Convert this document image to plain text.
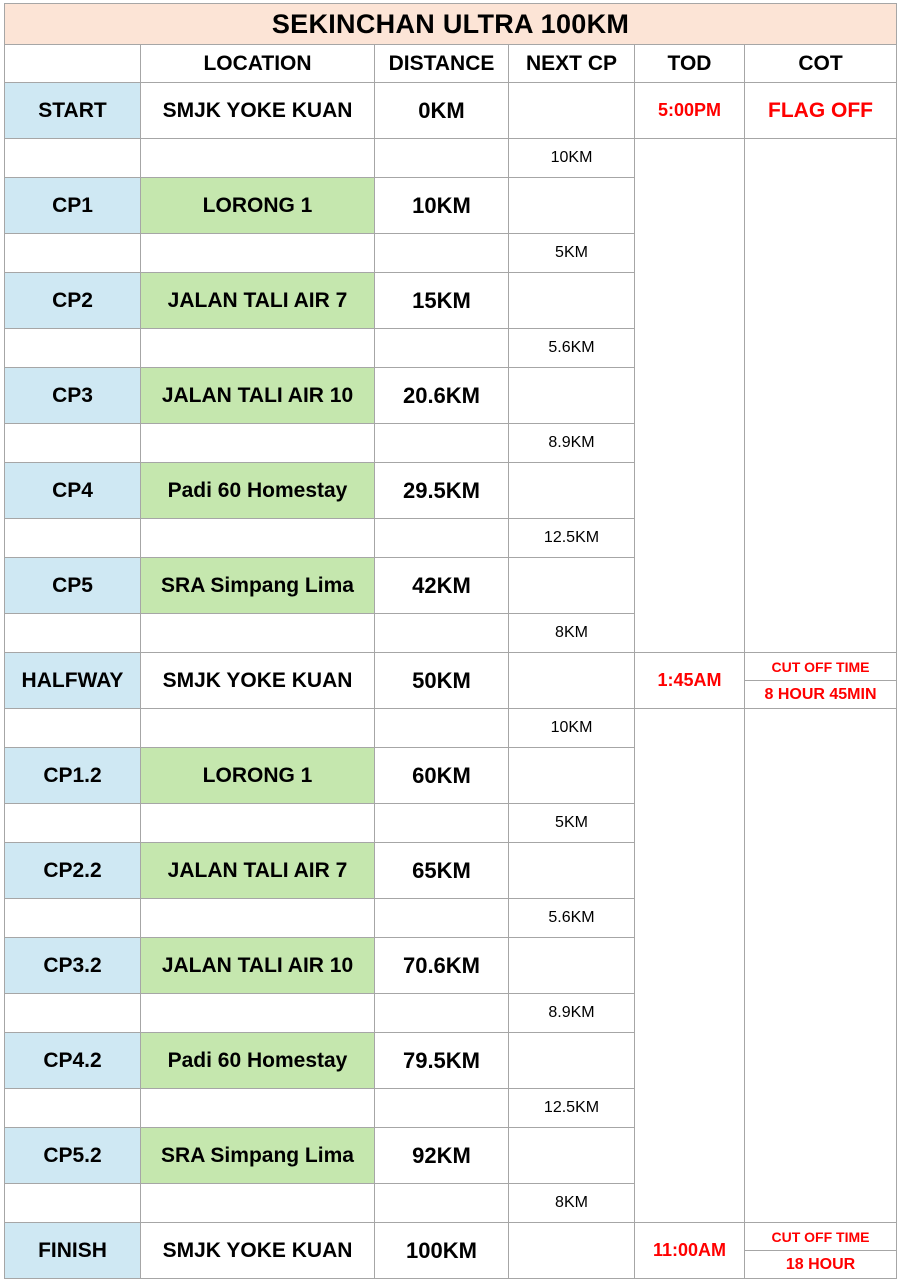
SEKINCHAN ULTRA 100KM					
	LOCATION	DISTANCE	NEXT CP	TOD	COT
START	SMJK YOKE KUAN	0KM		5:00PM	FLAG OFF
			10KM		
CP1	LORONG 1	10KM			
			5KM		
CP2	JALAN TALI AIR 7	15KM			
			5.6KM		
CP3	JALAN TALI AIR 10	20.6KM			
			8.9KM		
CP4	Padi 60 Homestay	29.5KM			
			12.5KM		
CP5	SRA Simpang Lima	42KM			
			8KM		
HALFWAY	SMJK YOKE KUAN	50KM		1:45AM	CUT OFF TIME
8 HOUR 45MIN

			10KM		
CP1.2	LORONG 1	60KM			
			5KM		
CP2.2	JALAN TALI AIR 7	65KM			
			5.6KM		
CP3.2	JALAN TALI AIR 10	70.6KM			
			8.9KM		
CP4.2	Padi 60 Homestay	79.5KM			
			12.5KM		
CP5.2	SRA Simpang Lima	92KM			
			8KM		
FINISH	SMJK YOKE KUAN	100KM		11:00AM	CUT OFF TIME
18 HOUR
